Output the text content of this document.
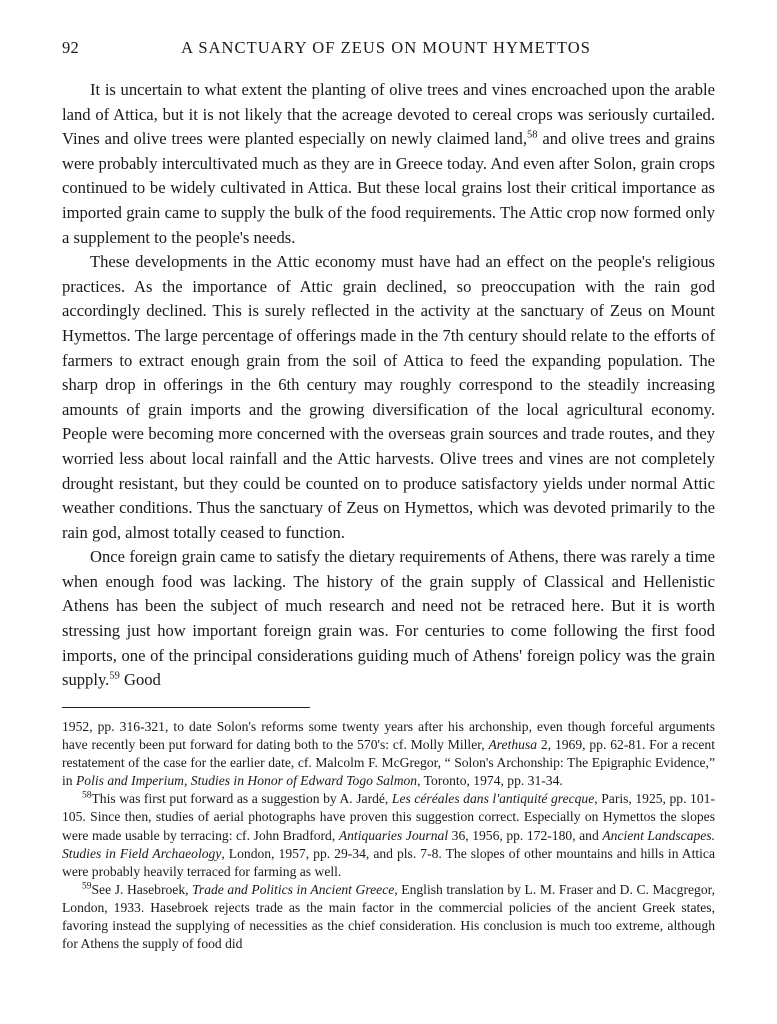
92	A SANCTUARY OF ZEUS ON MOUNT HYMETTOS

It is uncertain to what extent the planting of olive trees and vines encroached upon the arable land of Attica, but it is not likely that the acreage devoted to cereal crops was seriously curtailed. Vines and olive trees were planted especially on newly claimed land,$^{58}$ and olive trees and grains were probably intercultivated much as they are in Greece today. And even after Solon, grain crops continued to be widely cultivated in Attica. But these local grains lost their critical importance as imported grain came to supply the bulk of the food requirements. The Attic crop now formed only a supplement to the people's needs.

These developments in the Attic economy must have had an effect on the people's religious practices. As the importance of Attic grain declined, so preoccupation with the rain god accordingly declined. This is surely reflected in the activity at the sanctuary of Zeus on Mount Hymettos. The large percentage of offerings made in the 7th century should relate to the efforts of farmers to extract enough grain from the soil of Attica to feed the expanding population. The sharp drop in offerings in the 6th century may roughly correspond to the steadily increasing amounts of grain imports and the growing diversification of the local agricultural economy. People were becoming more concerned with the overseas grain sources and trade routes, and they worried less about local rainfall and the Attic harvests. Olive trees and vines are not completely drought resistant, but they could be counted on to produce satisfactory yields under normal Attic weather conditions. Thus the sanctuary of Zeus on Hymettos, which was devoted primarily to the rain god, almost totally ceased to function.

Once foreign grain came to satisfy the dietary requirements of Athens, there was rarely a time when enough food was lacking. The history of the grain supply of Classical and Hellenistic Athens has been the subject of much research and need not be retraced here. But it is worth stressing just how important foreign grain was. For centuries to come following the first food imports, one of the principal considerations guiding much of Athens' foreign policy was the grain supply.$^{59}$ Good

1952, pp. 316-321, to date Solon's reforms some twenty years after his archonship, even though forceful arguments have recently been put forward for dating both to the 570's: cf. Molly Miller, Arethusa 2, 1969, pp. 62-81. For a recent restatement of the case for the earlier date, cf. Malcolm F. McGregor, “ Solon's Archonship: The Epigraphic Evidence,” in Polis and Imperium, Studies in Honor of Edward Togo Salmon, Toronto, 1974, pp. 31-34.

$^{58}$This was first put forward as a suggestion by A. Jardé, Les céréales dans l'antiquité grecque, Paris, 1925, pp. 101-105. Since then, studies of aerial photographs have proven this suggestion correct. Especially on Hymettos the slopes were made usable by terracing: cf. John Bradford, Antiquaries Journal 36, 1956, pp. 172-180, and Ancient Landscapes. Studies in Field Archaeology, London, 1957, pp. 29-34, and pls. 7-8. The slopes of other mountains and hills in Attica were probably heavily terraced for farming as well.

$^{59}$See J. Hasebroek, Trade and Politics in Ancient Greece, English translation by L. M. Fraser and D. C. Macgregor, London, 1933. Hasebroek rejects trade as the main factor in the commercial policies of the ancient Greek states, favoring instead the supplying of necessities as the chief consideration. His conclusion is much too extreme, although for Athens the supply of food did
